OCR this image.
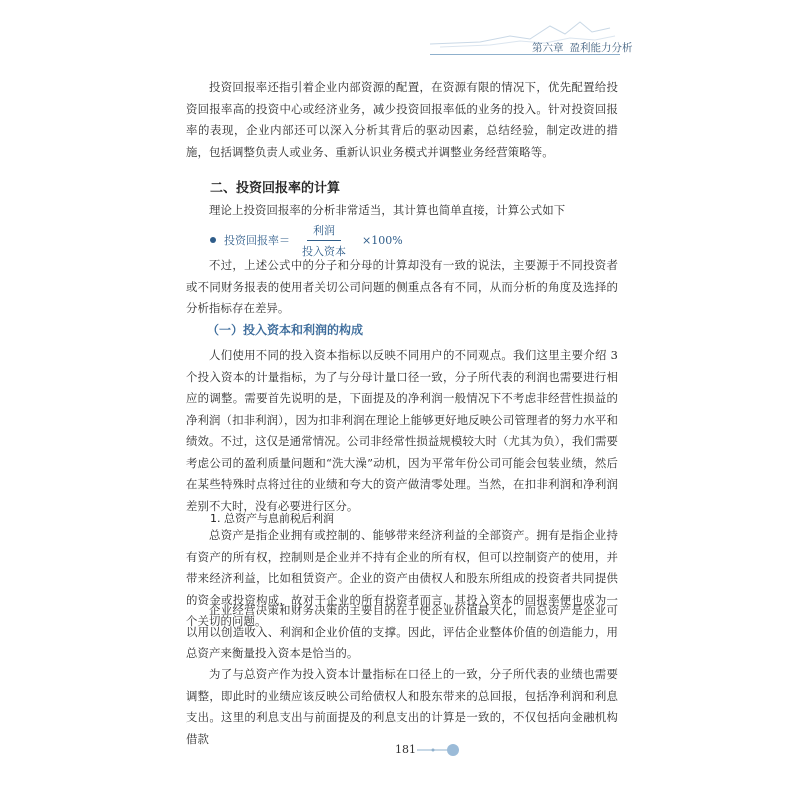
第六章 盈利能力分析
投资回报率还指引着企业内部资源的配置，在资源有限的情况下，优先配置给投资回报率高的投资中心或经济业务，减少投资回报率低的业务的投入。针对投资回报率的表现，企业内部还可以深入分析其背后的驱动因素，总结经验，制定改进的措施，包括调整负责人或业务、重新认识业务模式并调整业务经营策略等。
二、投资回报率的计算
理论上投资回报率的分析非常适当，其计算也简单直接，计算公式如下
投资回报率＝ $\frac{\text{利润}}{\text{投入资本}} \times 100\%$
不过，上述公式中的分子和分母的计算却没有一致的说法，主要源于不同投资者或不同财务报表的使用者关切公司问题的侧重点各有不同，从而分析的角度及选择的分析指标存在差异。
（一）投入资本和利润的构成
人们使用不同的投入资本指标以反映不同用户的不同观点。我们这里主要介绍 3 个投入资本的计量指标，为了与分母计量口径一致，分子所代表的利润也需要进行相应的调整。需要首先说明的是，下面提及的净利润一般情况下不考虑非经营性损益的净利润（扣非利润），因为扣非利润在理论上能够更好地反映公司管理者的努力水平和绩效。不过，这仅是通常情况。公司非经常性损益规模较大时（尤其为负），我们需要考虑公司的盈利质量问题和“洗大澡”动机，因为平常年份公司可能会包装业绩，然后在某些特殊时点将过往的业绩和夸大的资产做清零处理。当然，在扣非利润和净利润差别不大时，没有必要进行区分。
1. 总资产与息前税后利润
总资产是指企业拥有或控制的、能够带来经济利益的全部资产。拥有是指企业持有资产的所有权，控制则是企业并不持有企业的所有权，但可以控制资产的使用，并带来经济利益，比如租赁资产。企业的资产由债权人和股东所组成的投资者共同提供的资金或投资构成，故对于企业的所有投资者而言，其投入资本的回报率便也成为一个关切的问题。
企业经营决策和财务决策的主要目的在于使企业价值最大化，而总资产是企业可以用以创造收入、利润和企业价值的支撑。因此，评估企业整体价值的创造能力，用总资产来衡量投入资本是恰当的。
为了与总资产作为投入资本计量指标在口径上的一致，分子所代表的业绩也需要调整，即此时的业绩应该反映公司给债权人和股东带来的总回报，包括净利润和利息支出。这里的利息支出与前面提及的利息支出的计算是一致的，不仅包括向金融机构借款
181
